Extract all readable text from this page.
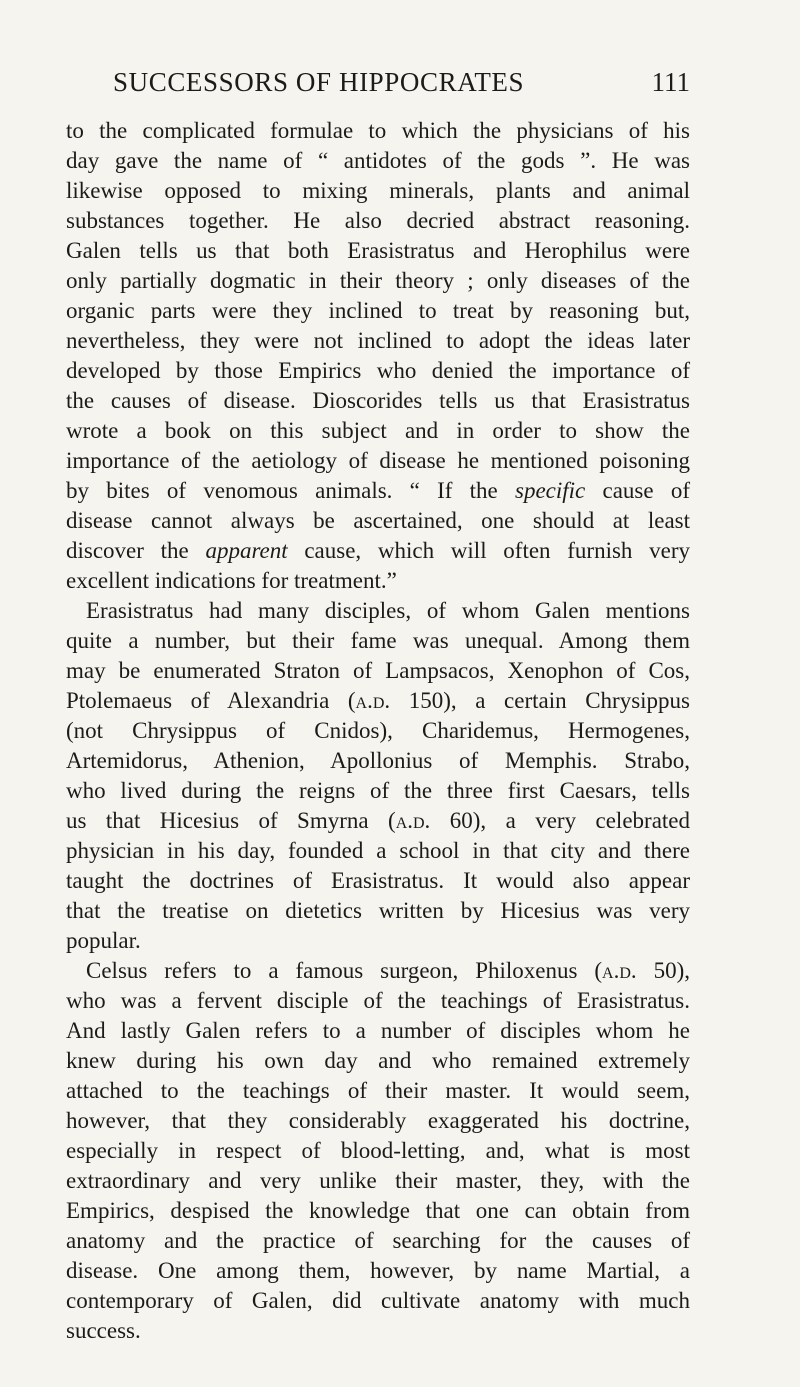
SUCCESSORS OF HIPPOCRATES	111
to the complicated formulae to which the physicians of his
day gave the name of “ antidotes of the gods ”. He was
likewise opposed to mixing minerals, plants and animal
substances together. He also decried abstract reasoning.
Galen tells us that both Erasistratus and Herophilus were
only partially dogmatic in their theory ; only diseases of the
organic parts were they inclined to treat by reasoning but,
nevertheless, they were not inclined to adopt the ideas later
developed by those Empirics who denied the importance of
the causes of disease. Dioscorides tells us that Erasistratus
wrote a book on this subject and in order to show the
importance of the aetiology of disease he mentioned poisoning
by bites of venomous animals. “ If the specific cause of
disease cannot always be ascertained, one should at least
discover the apparent cause, which will often furnish very
excellent indications for treatment.”
Erasistratus had many disciples, of whom Galen mentions
quite a number, but their fame was unequal. Among them
may be enumerated Straton of Lampsacos, Xenophon of Cos,
Ptolemaeus of Alexandria (a.d. 150), a certain Chrysippus
(not Chrysippus of Cnidos), Charidemus, Hermogenes,
Artemidorus, Athenion, Apollonius of Memphis. Strabo,
who lived during the reigns of the three first Caesars, tells
us that Hicesius of Smyrna (a.d. 60), a very celebrated
physician in his day, founded a school in that city and there
taught the doctrines of Erasistratus. It would also appear
that the treatise on dietetics written by Hicesius was very
popular.
Celsus refers to a famous surgeon, Philoxenus (a.d. 50),
who was a fervent disciple of the teachings of Erasistratus.
And lastly Galen refers to a number of disciples whom he
knew during his own day and who remained extremely
attached to the teachings of their master. It would seem,
however, that they considerably exaggerated his doctrine,
especially in respect of blood-letting, and, what is most
extraordinary and very unlike their master, they, with the
Empirics, despised the knowledge that one can obtain from
anatomy and the practice of searching for the causes of
disease. One among them, however, by name Martial, a
contemporary of Galen, did cultivate anatomy with much
success.
